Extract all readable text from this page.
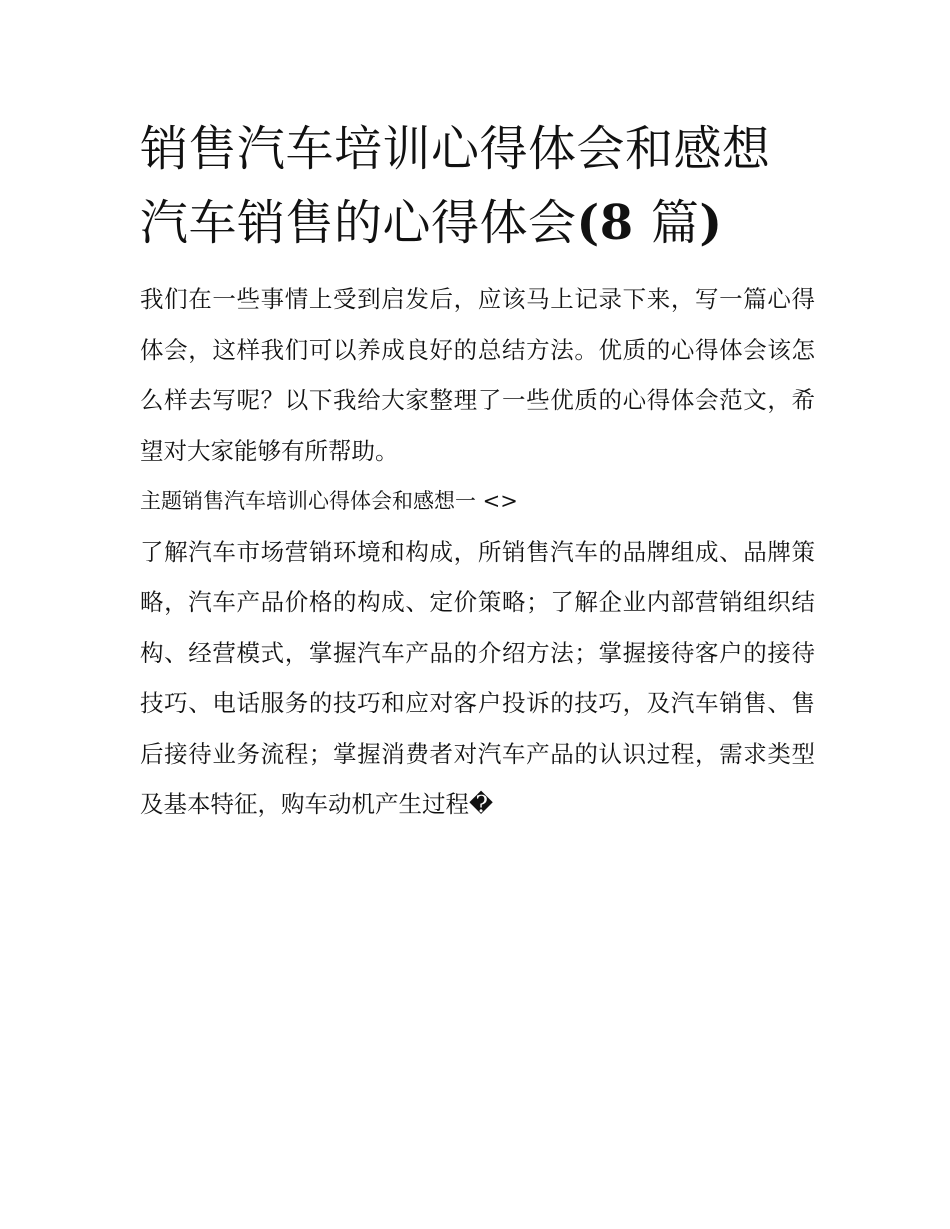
销售汽车培训心得体会和感想
汽车销售的心得体会(8 篇)

我们在一些事情上受到启发后，应该马上记录下来，写一篇心得体会，这样我们可以养成良好的总结方法。优质的心得体会该怎么样去写呢？以下我给大家整理了一些优质的心得体会范文，希望对大家能够有所帮助。

主题销售汽车培训心得体会和感想一 <>

了解汽车市场营销环境和构成，所销售汽车的品牌组成、品牌策略，汽车产品价格的构成、定价策略；了解企业内部营销组织结构、经营模式，掌握汽车产品的介绍方法；掌握接待客户的接待技巧、电话服务的技巧和应对客户投诉的技巧，及汽车销售、售后接待业务流程；掌握消费者对汽车产品的认识过程，需求类型及基本特征，购车动机产生过程�
